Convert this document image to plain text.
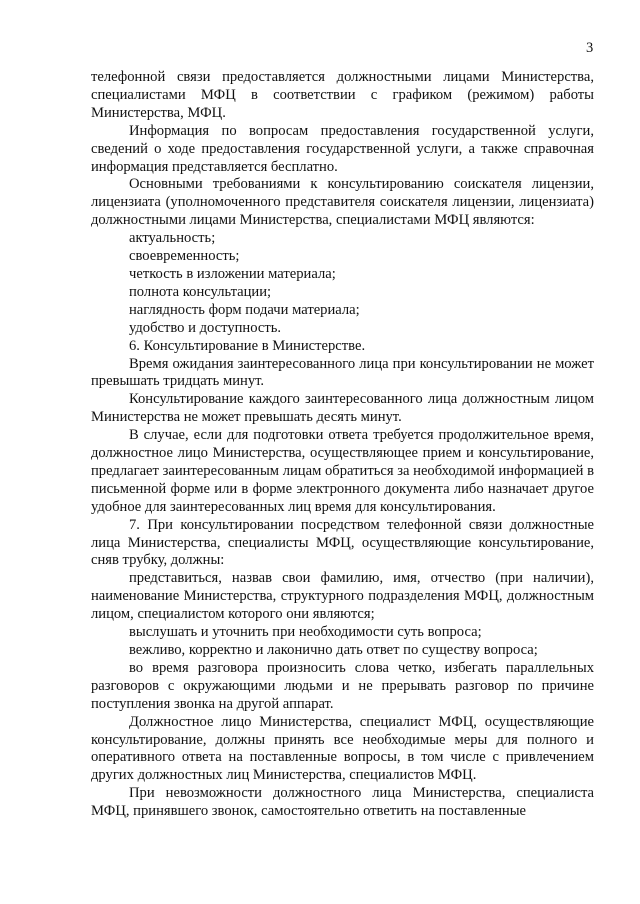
3

телефонной связи предоставляется должностными лицами Министерства, специалистами МФЦ в соответствии с графиком (режимом) работы Министерства, МФЦ.

Информация по вопросам предоставления государственной услуги, сведений о ходе предоставления государственной услуги, а также справочная информация представляется бесплатно.

Основными требованиями к консультированию соискателя лицензии, лицензиата (уполномоченного представителя соискателя лицензии, лицензиата) должностными лицами Министерства, специалистами МФЦ являются:

актуальность;

своевременность;

четкость в изложении материала;

полнота консультации;

наглядность форм подачи материала;

удобство и доступность.

6. Консультирование в Министерстве.

Время ожидания заинтересованного лица при консультировании не может превышать тридцать минут.

Консультирование каждого заинтересованного лица должностным лицом Министерства не может превышать десять минут.

В случае, если для подготовки ответа требуется продолжительное время, должностное лицо Министерства, осуществляющее прием и консультирование, предлагает заинтересованным лицам обратиться за необходимой информацией в письменной форме или в форме электронного документа либо назначает другое удобное для заинтересованных лиц время для консультирования.

7. При консультировании посредством телефонной связи должностные лица Министерства, специалисты МФЦ, осуществляющие консультирование, сняв трубку, должны:

представиться, назвав свои фамилию, имя, отчество (при наличии), наименование Министерства, структурного подразделения МФЦ, должностным лицом, специалистом которого они являются;

выслушать и уточнить при необходимости суть вопроса;

вежливо, корректно и лаконично дать ответ по существу вопроса;

во время разговора произносить слова четко, избегать параллельных разговоров с окружающими людьми и не прерывать разговор по причине поступления звонка на другой аппарат.

Должностное лицо Министерства, специалист МФЦ, осуществляющие консультирование, должны принять все необходимые меры для полного и оперативного ответа на поставленные вопросы, в том числе с привлечением других должностных лиц Министерства, специалистов МФЦ.

При невозможности должностного лица Министерства, специалиста МФЦ, принявшего звонок, самостоятельно ответить на поставленные
